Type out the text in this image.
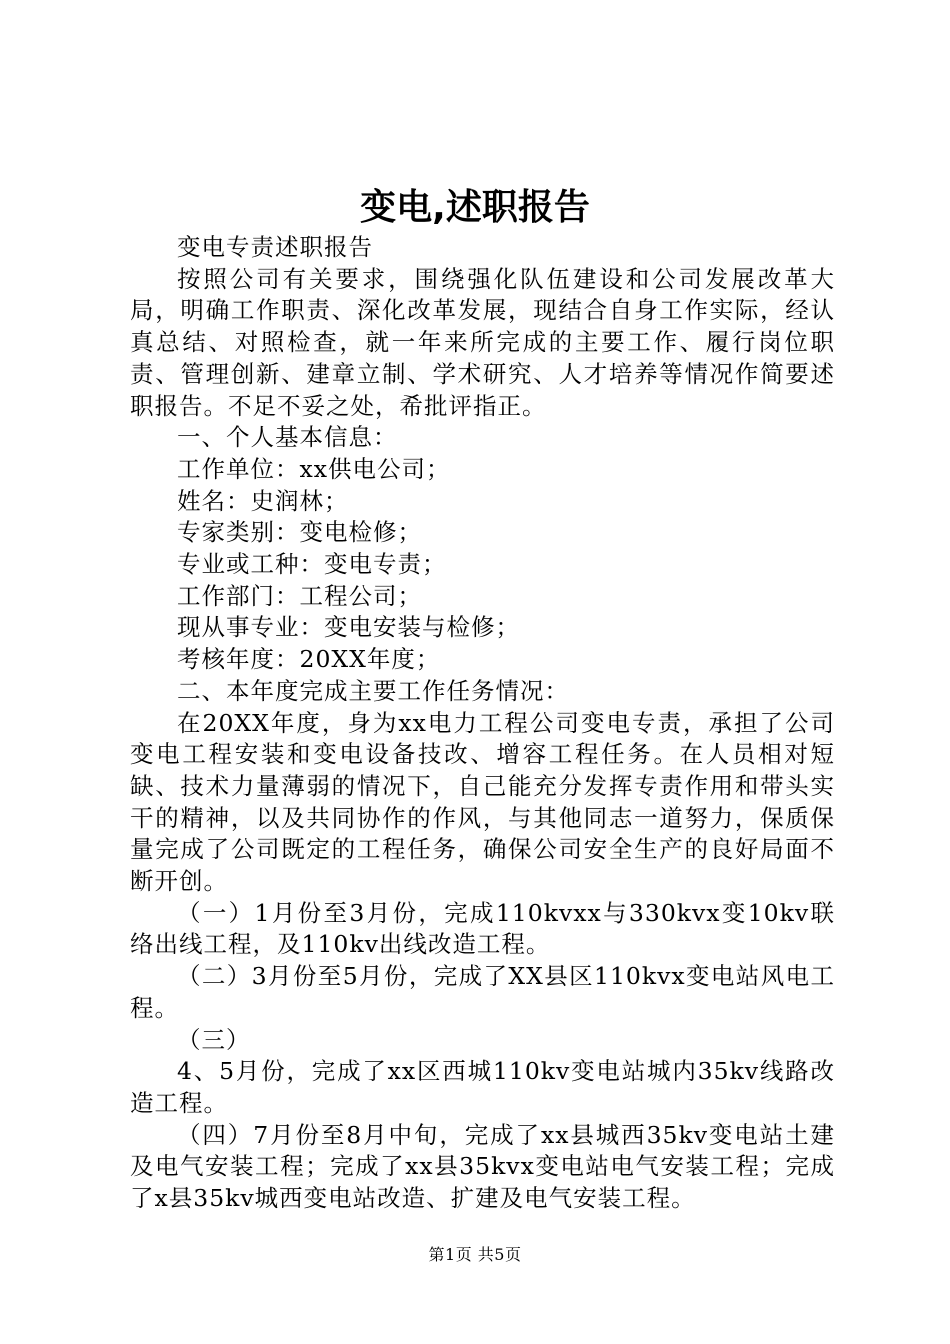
变电,述职报告

变电专责述职报告

按照公司有关要求，围绕强化队伍建设和公司发展改革大局，明确工作职责、深化改革发展，现结合自身工作实际，经认真总结、对照检查，就一年来所完成的主要工作、履行岗位职责、管理创新、建章立制、学术研究、人才培养等情况作简要述职报告。不足不妥之处，希批评指正。

一、个人基本信息：

工作单位：xx供电公司；

姓名：史润林；

专家类别：变电检修；

专业或工种：变电专责；

工作部门：工程公司；

现从事专业：变电安装与检修；

考核年度：20XX年度；

二、本年度完成主要工作任务情况：

在20XX年度，身为xx电力工程公司变电专责，承担了公司变电工程安装和变电设备技改、增容工程任务。在人员相对短缺、技术力量薄弱的情况下，自己能充分发挥专责作用和带头实干的精神，以及共同协作的作风，与其他同志一道努力，保质保量完成了公司既定的工程任务，确保公司安全生产的良好局面不断开创。

（一）1月份至3月份，完成110kvxx与330kvx变10kv联络出线工程，及110kv出线改造工程。

（二）3月份至5月份，完成了XX县区110kvx变电站风电工程。

（三）

4、5月份，完成了xx区西城110kv变电站城内35kv线路改造工程。

（四）7月份至8月中旬，完成了xx县城西35kv变电站土建及电气安装工程；完成了xx县35kvx变电站电气安装工程；完成了x县35kv城西变电站改造、扩建及电气安装工程。

第1页 共5页
